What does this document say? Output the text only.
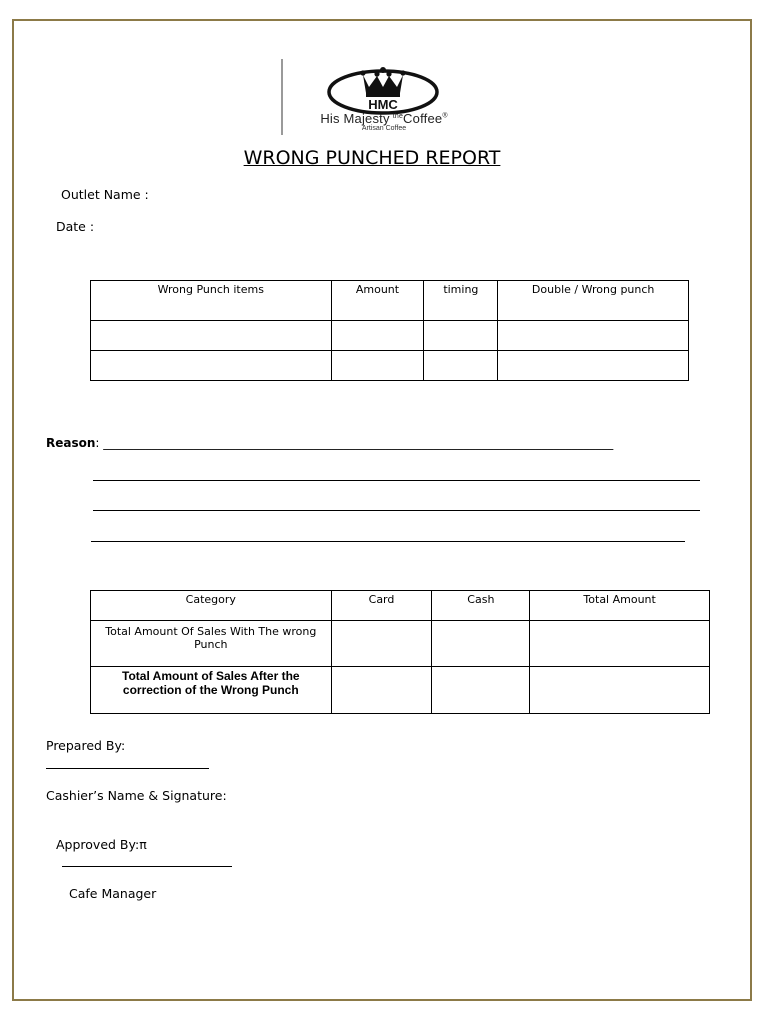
HMC
His Majesty $^{the}$Coffee®
Artisan Coffee
WRONG PUNCHED REPORT
Outlet Name :
Date :
Wrong Punch items	Amount	timing	Double / Wrong punch

Reason: _____________________________________________________________________________________
Category	Card	Cash	Total Amount
Total Amount Of Sales With The wrong Punch			
Total Amount of Sales After the correction of the Wrong Punch			
Prepared By:
Cashier’s Name & Signature:
Approved By:π
Cafe Manager
